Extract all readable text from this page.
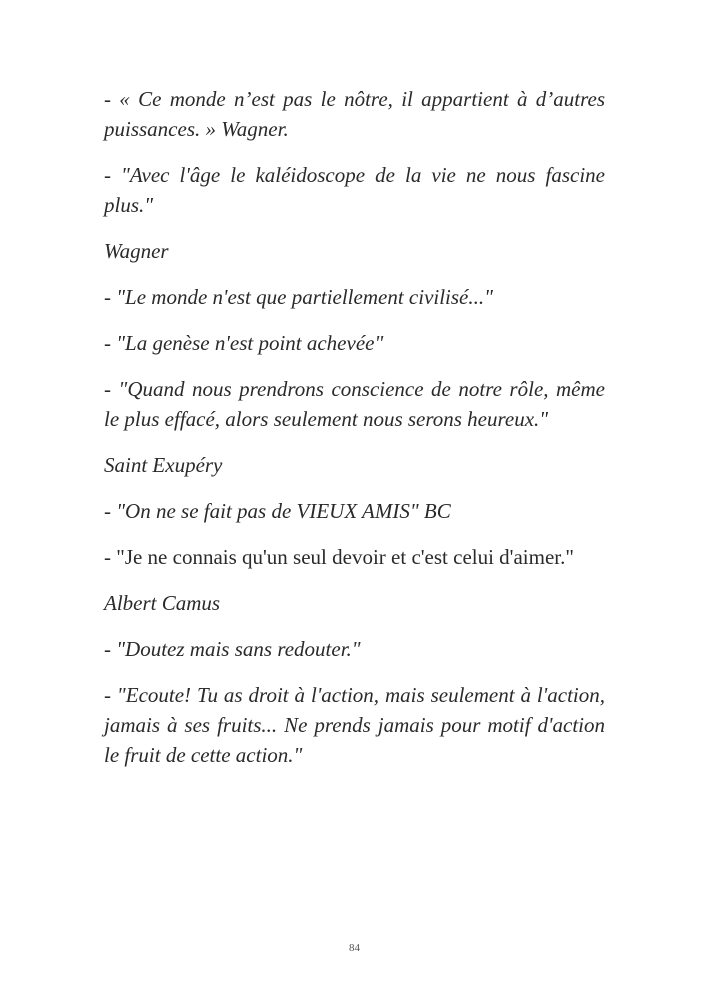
- « Ce monde n’est pas le nôtre, il appartient à d’autres puissances. » Wagner.

- "Avec l'âge le kaléidoscope de la vie ne nous fascine plus."

Wagner

- "Le monde n'est que partiellement civilisé..."

- "La genèse n'est point achevée"

- "Quand nous prendrons conscience de notre rôle, même le plus effacé, alors seulement nous serons heureux."

Saint Exupéry

- "On ne se fait pas de VIEUX AMIS" BC

- "Je ne connais qu'un seul devoir et c'est celui d'aimer."

Albert Camus

- "Doutez mais sans redouter."

- "Ecoute! Tu as droit à l'action, mais seulement à l'action, jamais à ses fruits... Ne prends jamais pour motif d'action le fruit de cette action."

84
